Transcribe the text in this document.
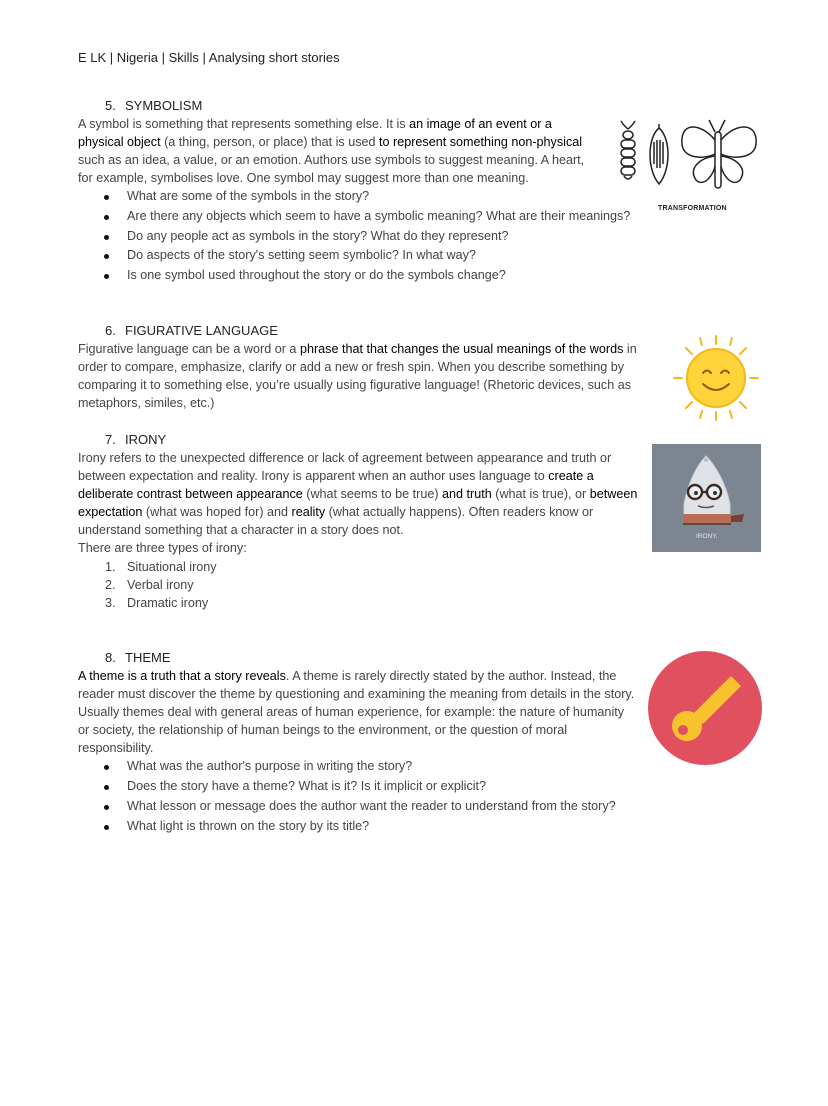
E LK | Nigeria | Skills | Analysing short stories
5. SYMBOLISM

A symbol is something that represents something else. It is an image of an event or a physical object (a thing, person, or place) that is used to represent something non-physical such as an idea, a value, or an emotion. Authors use symbols to suggest meaning. A heart, for example, symbolises love. One symbol may suggest more than one meaning.

What are some of the symbols in the story?
Are there any objects which seem to have a symbolic meaning? What are their meanings?
Do any people act as symbols in the story? What do they represent?
Do aspects of the story's setting seem symbolic? In what way?
Is one symbol used throughout the story or do the symbols change?
TRANSFORMATION
6. FIGURATIVE LANGUAGE

Figurative language can be a word or a phrase that that changes the usual meanings of the words in order to compare, emphasize, clarify or add a new or fresh spin. When you describe something by comparing it to something else, you’re usually using figurative language! (Rhetoric devices, such as metaphors, similes, etc.)

7. IRONY

Irony refers to the unexpected difference or lack of agreement between appearance and truth or between expectation and reality. Irony is apparent when an author uses language to create a deliberate contrast between appearance (what seems to be true) and truth (what is true), or between expectation (what was hoped for) and reality (what actually happens). Often readers know or understand something that a character in a story does not.

There are three types of irony:

1. Situational irony
2. Verbal irony
3. Dramatic irony
IRONY.
8. THEME

A theme is a truth that a story reveals. A theme is rarely directly stated by the author. Instead, the reader must discover the theme by questioning and examining the meaning from details in the story. Usually themes deal with general areas of human experience, for example: the nature of humanity or society, the relationship of human beings to the environment, or the question of moral responsibility.

What was the author's purpose in writing the story?
Does the story have a theme? What is it? Is it implicit or explicit?
What lesson or message does the author want the reader to understand from the story?
What light is thrown on the story by its title?
